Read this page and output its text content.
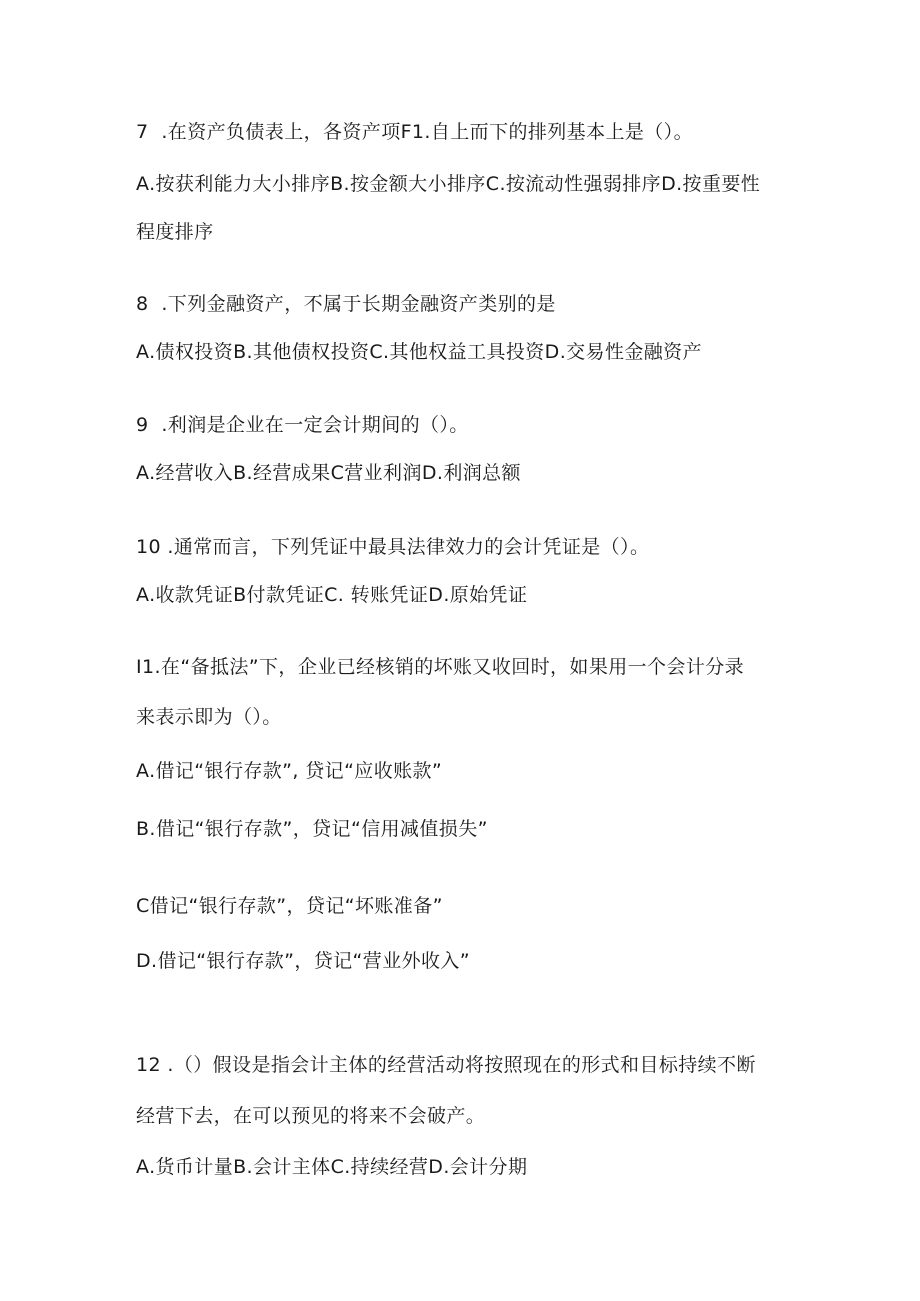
7  .在资产负债表上，各资产项F1.自上而下的排列基本上是（）。
A.按获利能力大小排序B.按金额大小排序C.按流动性强弱排序D.按重要性
程度排序
8  .下列金融资产，不属于长期金融资产类别的是
A.债权投资B.其他债权投资C.其他权益工具投资D.交易性金融资产
9  .利润是企业在一定会计期间的（）。
A.经营收入B.经营成果C营业利润D.利润总额
10 .通常而言，下列凭证中最具法律效力的会计凭证是（）。
A.收款凭证B付款凭证C. 转账凭证D.原始凭证
I1.在“备抵法”下，企业已经核销的坏账又收回时，如果用一个会计分录
来表示即为（）。
A.借记“银行存款”, 贷记“应收账款”
B.借记“银行存款”，贷记“信用减值损失”
C借记“银行存款”，贷记“坏账准备”
D.借记“银行存款”，贷记“营业外收入”
12 .（）假设是指会计主体的经营活动将按照现在的形式和目标持续不断
经营下去，在可以预见的将来不会破产。
A.货币计量B.会计主体C.持续经营D.会计分期
